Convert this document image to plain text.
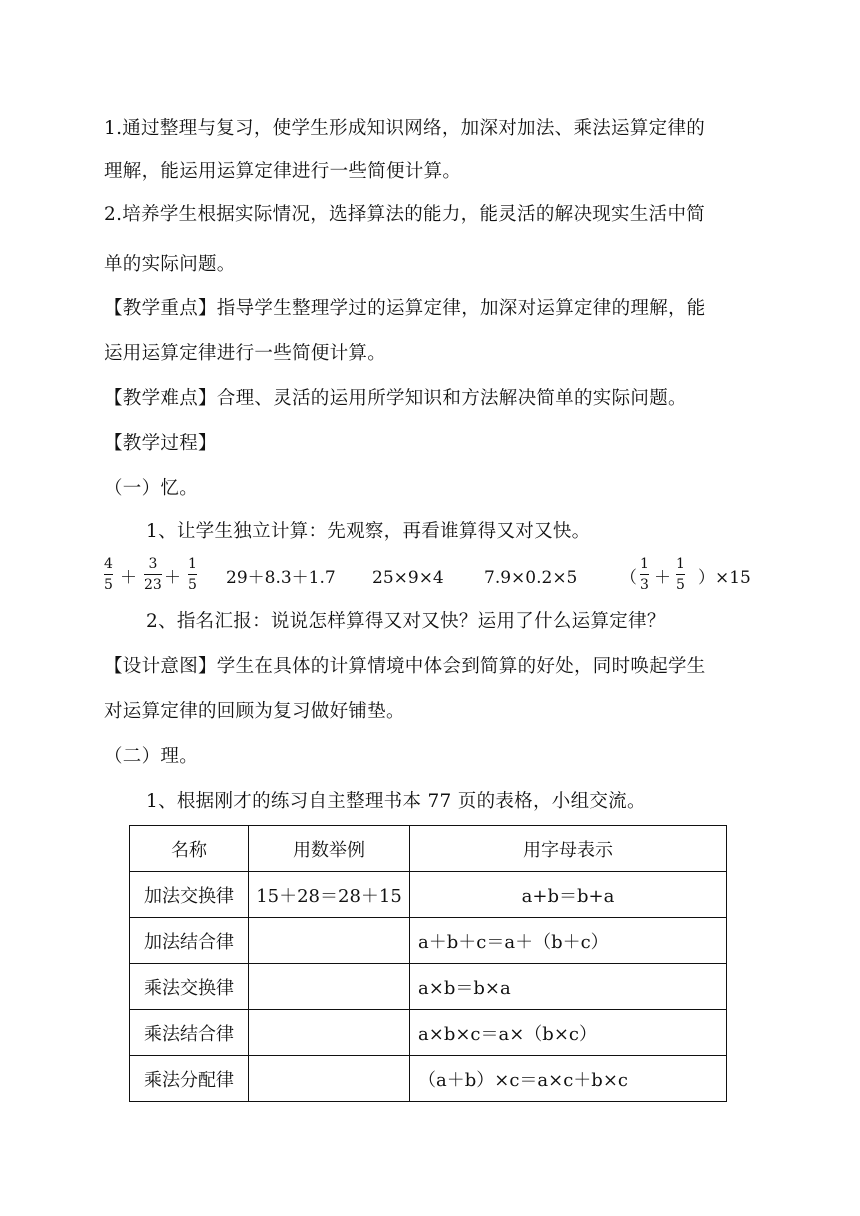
1.通过整理与复习，使学生形成知识网络，加深对加法、乘法运算定律的
理解，能运用运算定律进行一些简便计算。
2.培养学生根据实际情况，选择算法的能力，能灵活的解决现实生活中简
单的实际问题。
【教学重点】指导学生整理学过的运算定律，加深对运算定律的理解，能
运用运算定律进行一些简便计算。
【教学难点】合理、灵活的运用所学知识和方法解决简单的实际问题。
【教学过程】
（一）忆。
1、让学生独立计算：先观察，再看谁算得又对又快。
4
5 ＋
3
23 ＋
1
5 29＋8.3＋1.7 25×9×4 7.9×0.2×5	（
1
3 ＋
1
5 ）×15
2、指名汇报：说说怎样算得又对又快？运用了什么运算定律？
【设计意图】学生在具体的计算情境中体会到简算的好处，同时唤起学生
对运算定律的回顾为复习做好铺垫。
（二）理。
1、根据刚才的练习自主整理书本 77 页的表格，小组交流。
名称	用数举例	用字母表示
加法交换律	15＋28＝28＋15	a+b＝b+a
加法结合律		a＋b＋c＝a＋（b＋c）
乘法交换律		a×b＝b×a
乘法结合律		a×b×c＝a×（b×c）
乘法分配律		（a＋b）×c＝a×c＋b×c
